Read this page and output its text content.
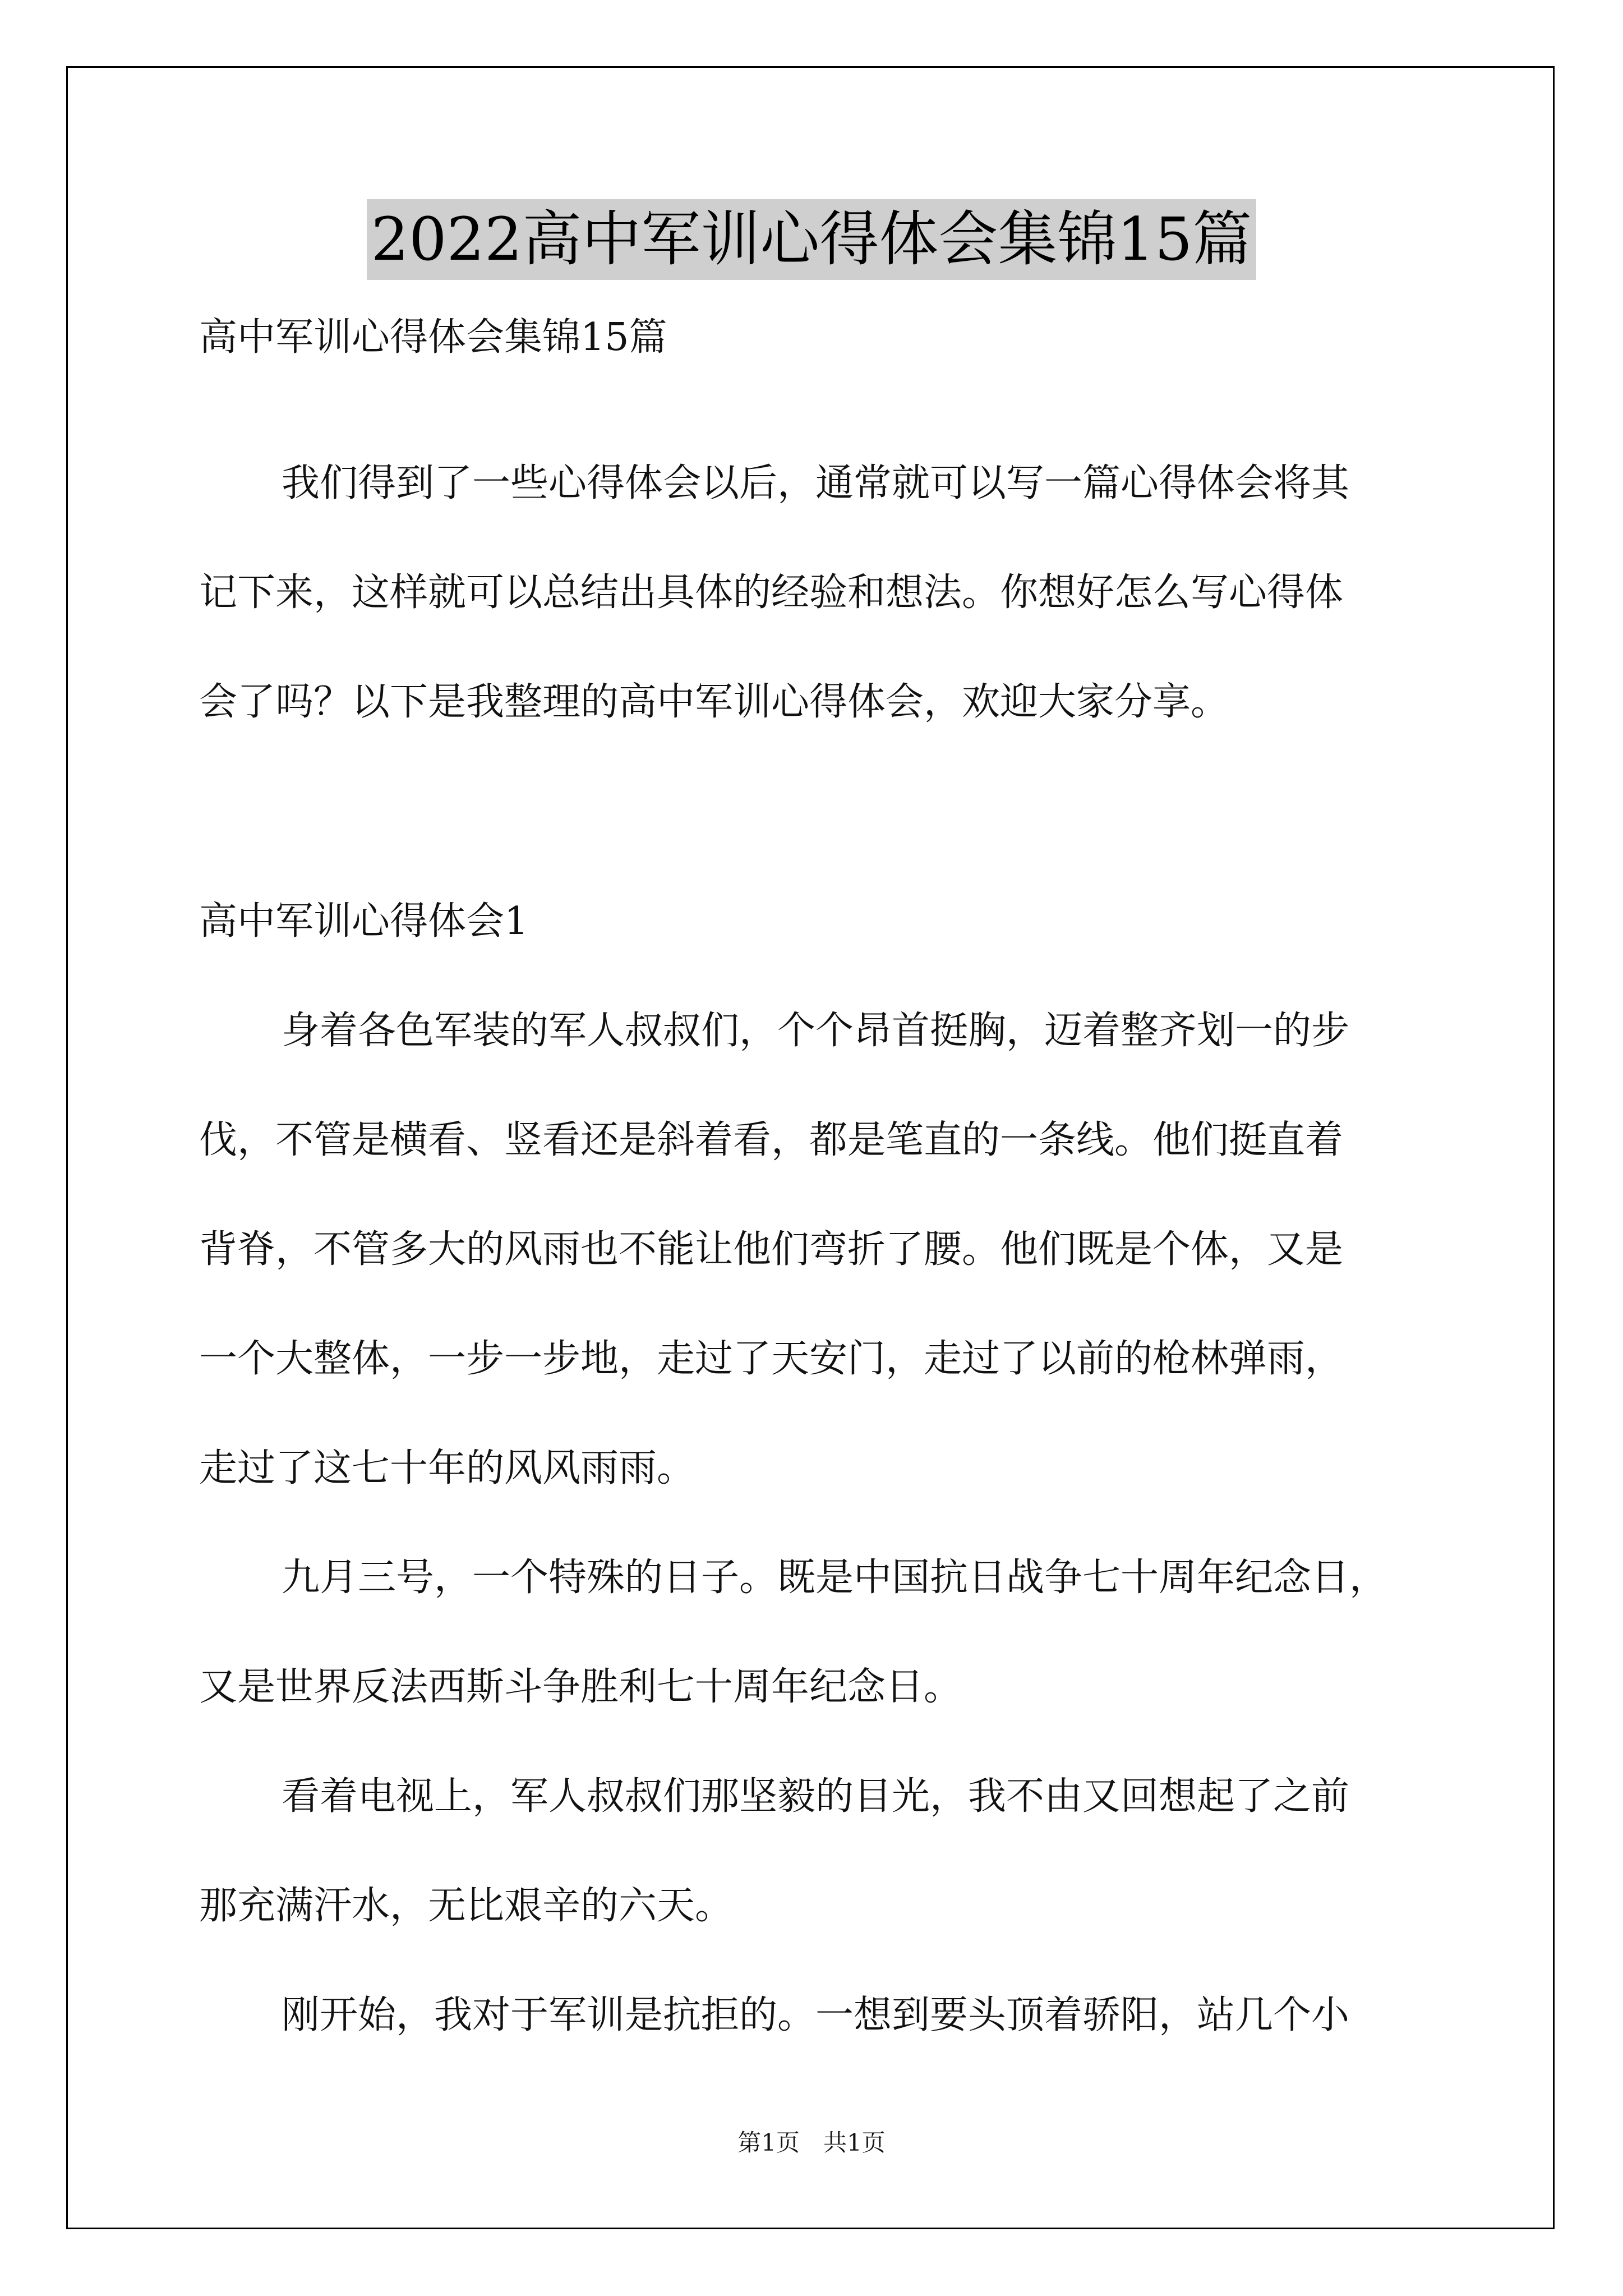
2022高中军训心得体会集锦15篇
高中军训心得体会集锦15篇
我们得到了一些心得体会以后，通常就可以写一篇心得体会将其
记下来，这样就可以总结出具体的经验和想法。你想好怎么写心得体
会了吗？以下是我整理的高中军训心得体会，欢迎大家分享。
高中军训心得体会1
身着各色军装的军人叔叔们，个个昂首挺胸，迈着整齐划一的步
伐，不管是横看、竖看还是斜着看，都是笔直的一条线。他们挺直着
背脊，不管多大的风雨也不能让他们弯折了腰。他们既是个体，又是
一个大整体，一步一步地，走过了天安门，走过了以前的枪林弹雨，
走过了这七十年的风风雨雨。
九月三号，一个特殊的日子。既是中国抗日战争七十周年纪念日，
又是世界反法西斯斗争胜利七十周年纪念日。
看着电视上，军人叔叔们那坚毅的目光，我不由又回想起了之前
那充满汗水，无比艰辛的六天。
刚开始，我对于军训是抗拒的。一想到要头顶着骄阳，站几个小
第1页　共1页
